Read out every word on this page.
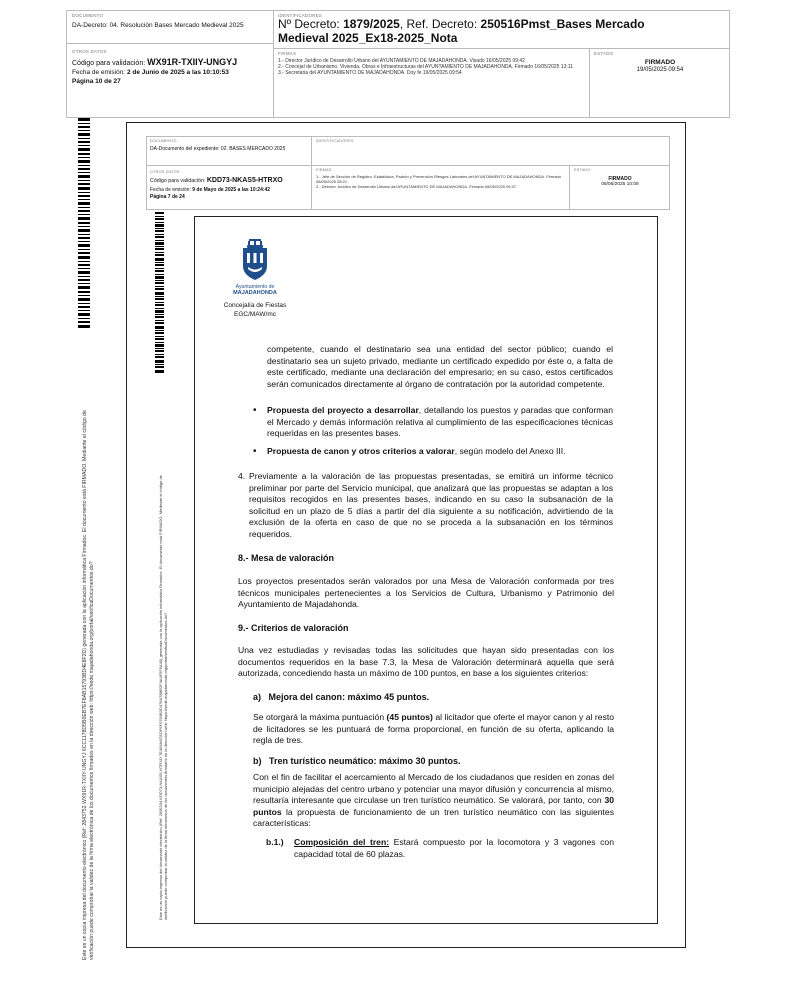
DOCUMENTO
DA-Decreto: 04. Resolución Bases Mercado Medieval 2025
IDENTIFICADORES
Nº Decreto: 1879/2025, Ref. Decreto: 250516Pmst_Bases Mercado Medieval 2025_Ex18-2025_Nota
OTROS DATOS
Código para validación: WX91R-TXIIY-UNGYJ
Fecha de emisión: 2 de Junio de 2025 a las 10:10:53
Página 10 de 27
FIRMAS
1.- Director Jurídico de Desarrollo Urbano del AYUNTAMIENTO DE MAJADAHONDA. Visado 16/05/2025 09:42
2.- Concejal de Urbanismo, Vivienda, Obras e Infraestructuras del AYUNTAMIENTO DE MAJADAHONDA. Firmado 16/05/2025 13:11
3.- Secretaria del AYUNTAMIENTO DE MAJADAHONDA. Doy fe 19/05/2025 09:54
ESTADO
FIRMADO
19/05/2025 09:54
Este es un copia impresa del documento electrónico (Ref: 2843752 WX91R-TXIIY-UNGYJ 6CC1178D5B0EB7EF8AB15793BD4E8F2D) generada con la aplicación informática Firmadoc. El documento está FIRMADO. Mediante el código de verificación puede comprobar la validez de la firma electrónica de los documentos firmados en la dirección web: https://sede.majadahonda.org/portal/verificaDocumentos.do?
DOCUMENTO
DA-Documento del expediente: 02. BASES MERCADO 2025
IDENTIFICADORES
OTROS DATOS
Código para validación: KDD73-NKAS5-HTRXO
Fecha de emisión: 9 de Mayo de 2025 a las 10:24:42
Página 7 de 24
FIRMAS
1.- Jefe de Sección de Registro, Estadística, Padrón y Prevención Riesgos Laborales del AYUNTAMIENTO DE MAJADAHONDA. Firmado 08/05/2025 08:21
2.- Director Jurídico de Desarrollo Urbano del AYUNTAMIENTO DE MAJADAHONDA. Firmado 08/05/2025 09:37
ESTADO
FIRMADO
08/05/2025 10:08
Este es un copia impresa del documento electrónico (Ref: 2836204 KDD73-NKAS5-HTRXO 7E464A6CEDF6F0760B3D476A7B8B2F4A4F5F5A40) generada con la aplicación informática Firmadoc. El documento está FIRMADO. Mediante el código de verificación puede comprobar la validez de la firma electrónica de los documentos firmados en la dirección web: https://sede.majadahonda.org/portal/verificaDocumentos.do?
Ayuntamiento de
MAJADAHONDA
Concejalía de Fiestas
EGC/MAW/mc
competente, cuando el destinatario sea una entidad del sector público; cuando el destinatario sea un sujeto privado, mediante un certificado expedido por éste o, a falta de este certificado, mediante una declaración del empresario; en su caso, estos certificados serán comunicados directamente al órgano de contratación por la autoridad competente.
• Propuesta del proyecto a desarrollar, detallando los puestos y paradas que conforman el Mercado y demás información relativa al cumplimiento de las especificaciones técnicas requeridas en las presentes bases.
• Propuesta de canon y otros criterios a valorar, según modelo del Anexo III.
4. Previamente a la valoración de las propuestas presentadas, se emitirá un informe técnico preliminar por parte del Servicio municipal, que analizará que las propuestas se adaptan a los requisitos recogidos en las presentes bases, indicando en su caso la subsanación de la solicitud en un plazo de 5 días a partir del día siguiente a su notificación, advirtiendo de la exclusión de la oferta en caso de que no se proceda a la subsanación en los términos requeridos.
8.- Mesa de valoración
Los proyectos presentados serán valorados por una Mesa de Valoración conformada por tres técnicos municipales pertenecientes a los Servicios de Cultura, Urbanismo y Patrimonio del Ayuntamiento de Majadahonda.
9.- Criterios de valoración
Una vez estudiadas y revisadas todas las solicitudes que hayan sido presentadas con los documentos requeridos en la base 7.3, la Mesa de Valoración determinará aquella que será autorizada, concediendo hasta un máximo de 100 puntos, en base a los siguientes criterios:
a) Mejora del canon: máximo 45 puntos.
Se otorgará la máxima puntuación (45 puntos) al licitador que oferte el mayor canon y al resto de licitadores se les puntuará de forma proporcional, en función de su oferta, aplicando la regla de tres.
b) Tren turístico neumático: máximo 30 puntos.
Con el fin de facilitar el acercamiento al Mercado de los ciudadanos que residen en zonas del municipio alejadas del centro urbano y potenciar una mayor difusión y concurrencia al mismo, resultaría interesante que circulase un tren turístico neumático. Se valorará, por tanto, con 30 puntos la propuesta de funcionamiento de un tren turístico neumático con las siguientes características:
b.1.) Composición del tren: Estará compuesto por la locomotora y 3 vagones con capacidad total de 60 plazas.
